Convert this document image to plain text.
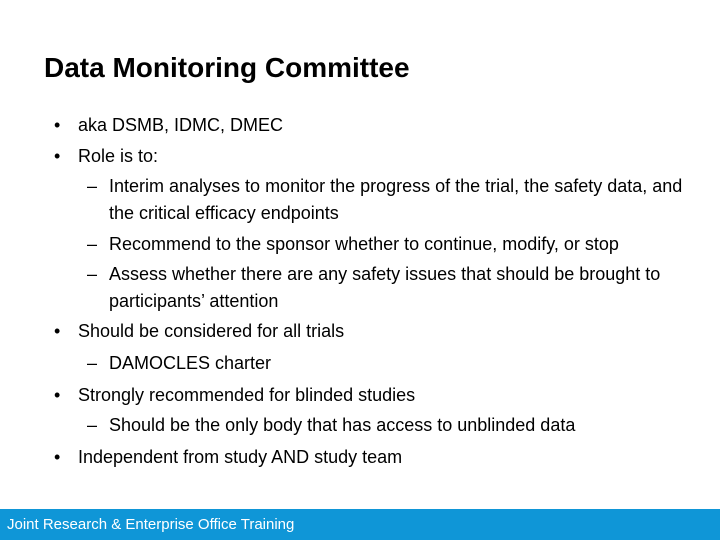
Data Monitoring Committee
• aka DSMB, IDMC, DMEC
• Role is to:
– Interim analyses to monitor the progress of the trial, the safety data, and the critical efficacy endpoints
– Recommend to the sponsor whether to continue, modify, or stop
– Assess whether there are any safety issues that should be brought to participants’ attention
• Should be considered for all trials
– DAMOCLES charter
• Strongly recommended for blinded studies
– Should be the only body that has access to unblinded data
• Independent from study AND study team
Joint Research & Enterprise Office Training
